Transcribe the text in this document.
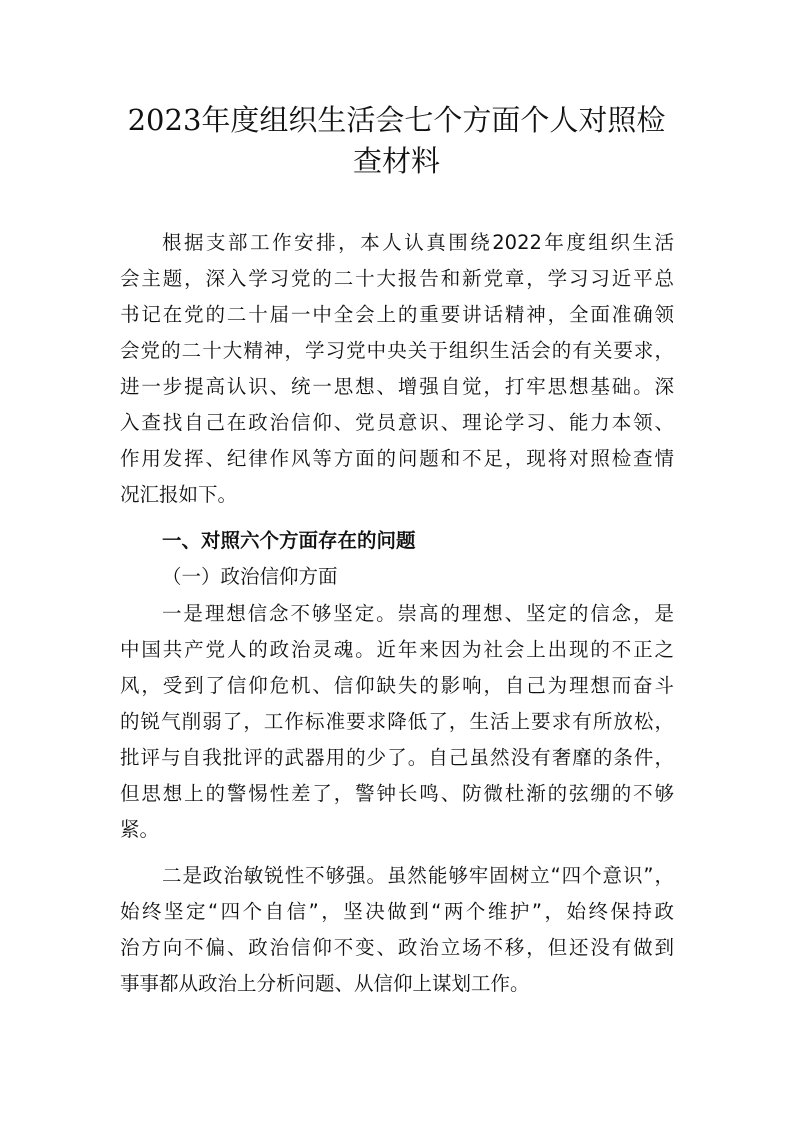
2023年度组织生活会七个方面个人对照检
查材料
根据支部工作安排，本人认真围绕2022年度组织生活
会主题，深入学习党的二十大报告和新党章，学习习近平总
书记在党的二十届一中全会上的重要讲话精神，全面准确领
会党的二十大精神，学习党中央关于组织生活会的有关要求，
进一步提高认识、统一思想、增强自觉，打牢思想基础。深
入查找自己在政治信仰、党员意识、理论学习、能力本领、
作用发挥、纪律作风等方面的问题和不足，现将对照检查情
况汇报如下。
一、对照六个方面存在的问题
（一）政治信仰方面
一是理想信念不够坚定。崇高的理想、坚定的信念，是
中国共产党人的政治灵魂。近年来因为社会上出现的不正之
风，受到了信仰危机、信仰缺失的影响，自己为理想而奋斗
的锐气削弱了，工作标准要求降低了，生活上要求有所放松，
批评与自我批评的武器用的少了。自己虽然没有奢靡的条件，
但思想上的警惕性差了，警钟长鸣、防微杜渐的弦绷的不够
紧。
二是政治敏锐性不够强。虽然能够牢固树立“四个意识”，
始终坚定“四个自信”，坚决做到“两个维护”，始终保持政
治方向不偏、政治信仰不变、政治立场不移，但还没有做到
事事都从政治上分析问题、从信仰上谋划工作。
